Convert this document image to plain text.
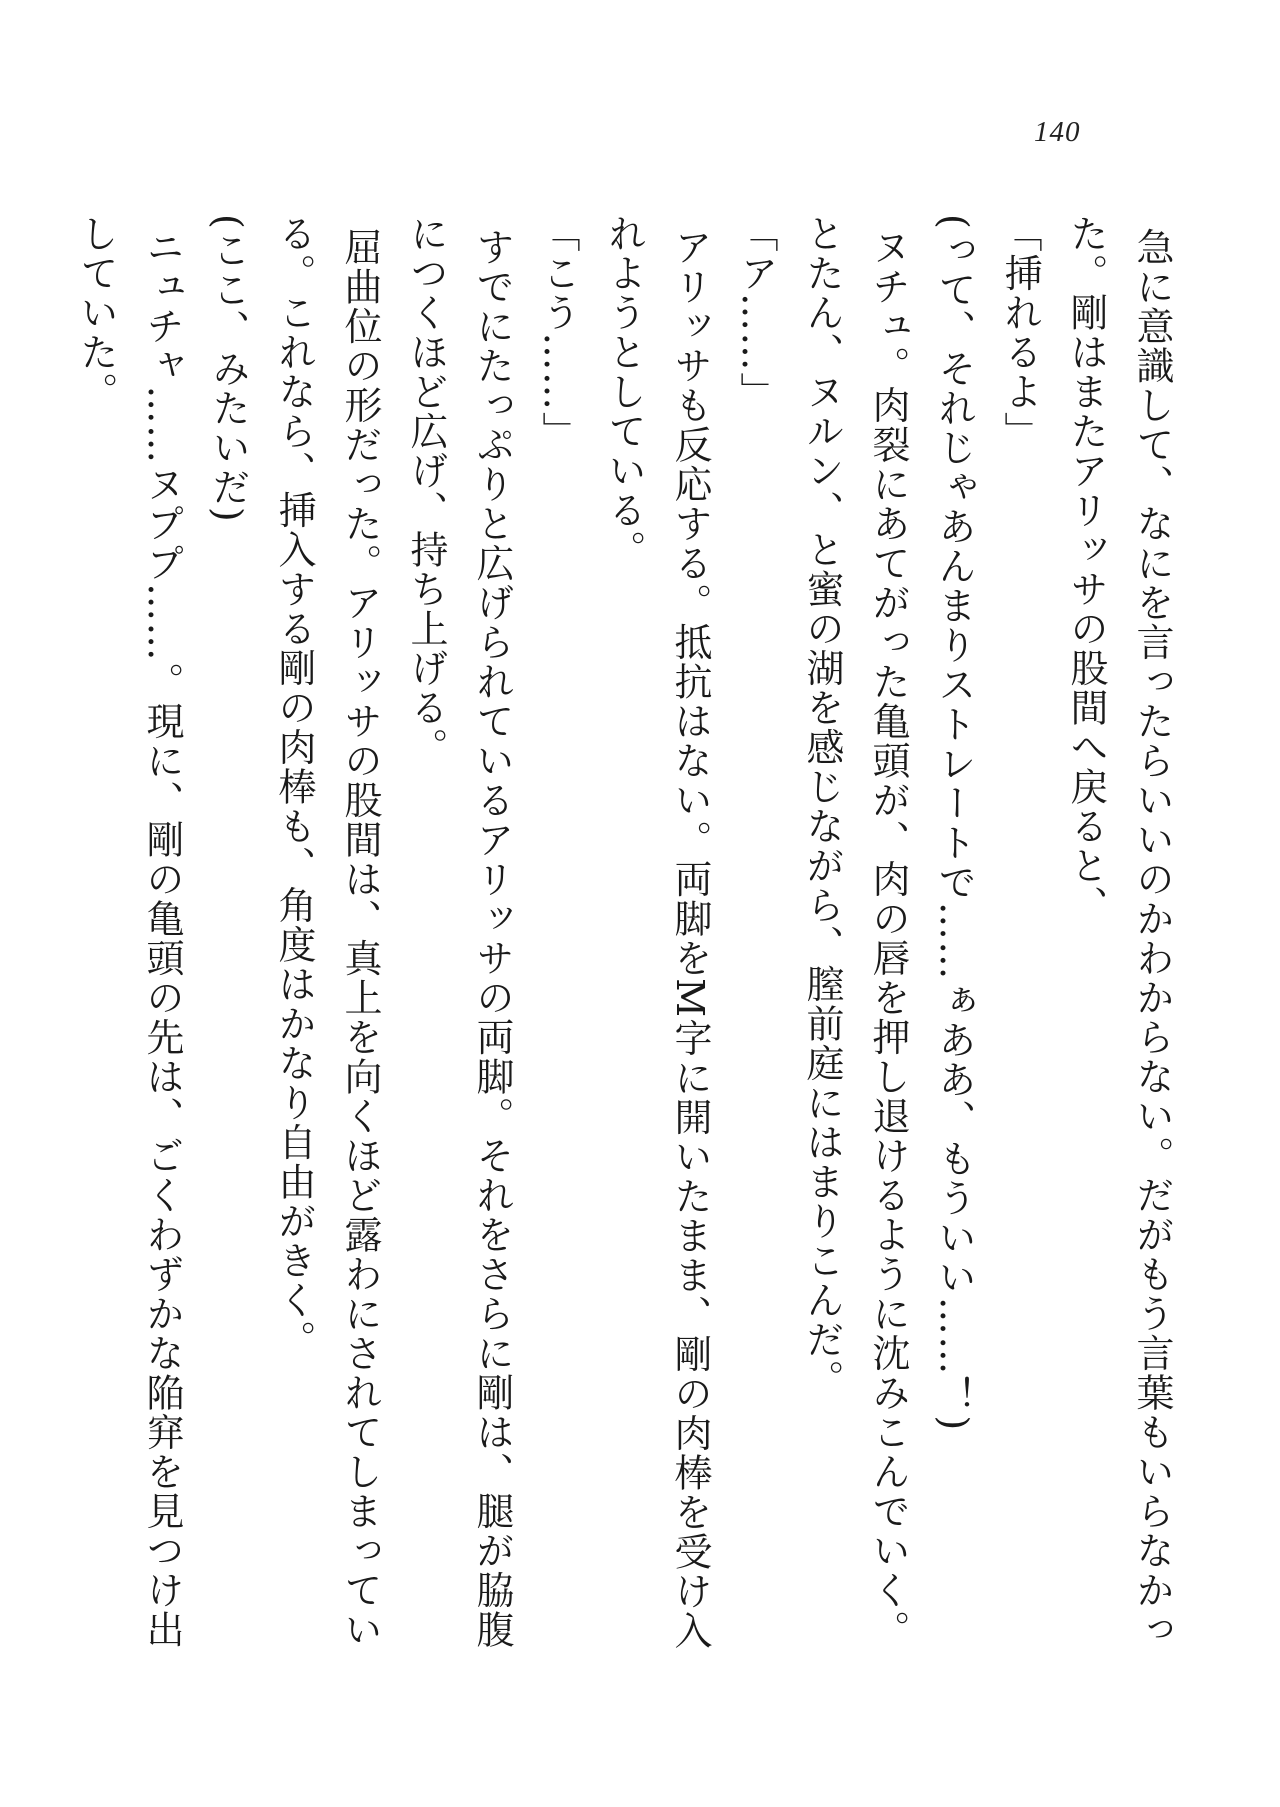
140

急に意識して、なにを言ったらいいのかわからない。だがもう言葉もいらなかった。剛はまたアリッサの股間へ戻ると、

「挿れるよ」

(って、それじゃあんまりストレートで……ぁああ、もういい……！)

ヌチュ。肉裂にあてがった亀頭が、肉の唇を押し退けるように沈みこんでいく。とたん、ヌルン、と蜜の湖を感じながら、膣前庭にはまりこんだ。

「ア……」

アリッサも反応する。抵抗はない。両脚をM字に開いたまま、剛の肉棒を受け入れようとしている。

「こう……」

すでにたっぷりと広げられているアリッサの両脚。それをさらに剛は、腿が脇腹につくほど広げ、持ち上げる。

屈曲位の形だった。アリッサの股間は、真上を向くほど露わにされてしまっている。これなら、挿入する剛の肉棒も、角度はかなり自由がきく。

(ここ、みたいだ)

ニュチャ……ヌププ……。現に、剛の亀頭の先は、ごくわずかな陥穽を見つけ出していた。
